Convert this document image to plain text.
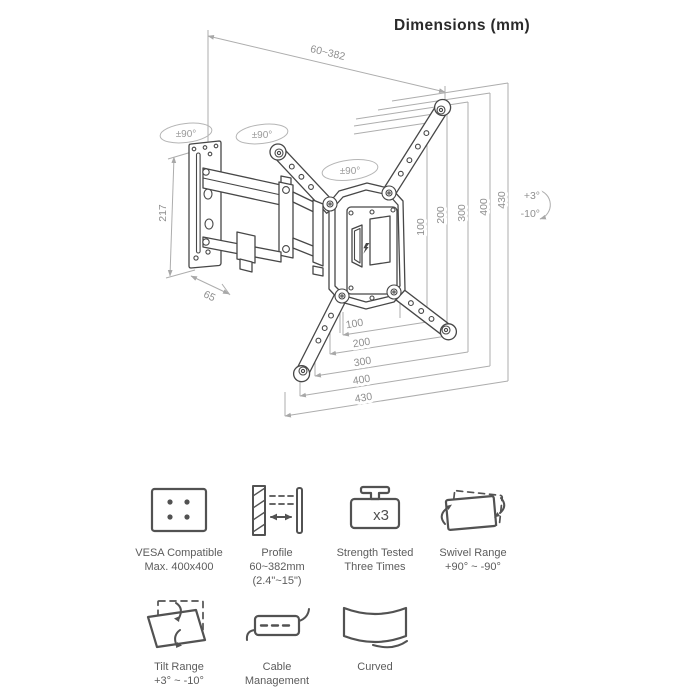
Dimensions (mm)
±90°	±90°
±90°
60~382
217
65
100
200 300 400 430
100
200
300
400
430
+3°
-10°
VESA Compatible
Max. 400x400
Profile
60~382mm
(2.4"~15")
x3
Strength Tested
Three Times
Swivel Range
+90° ~ -90°
Tilt Range
+3° ~ -10°
Cable
Management
Curved
